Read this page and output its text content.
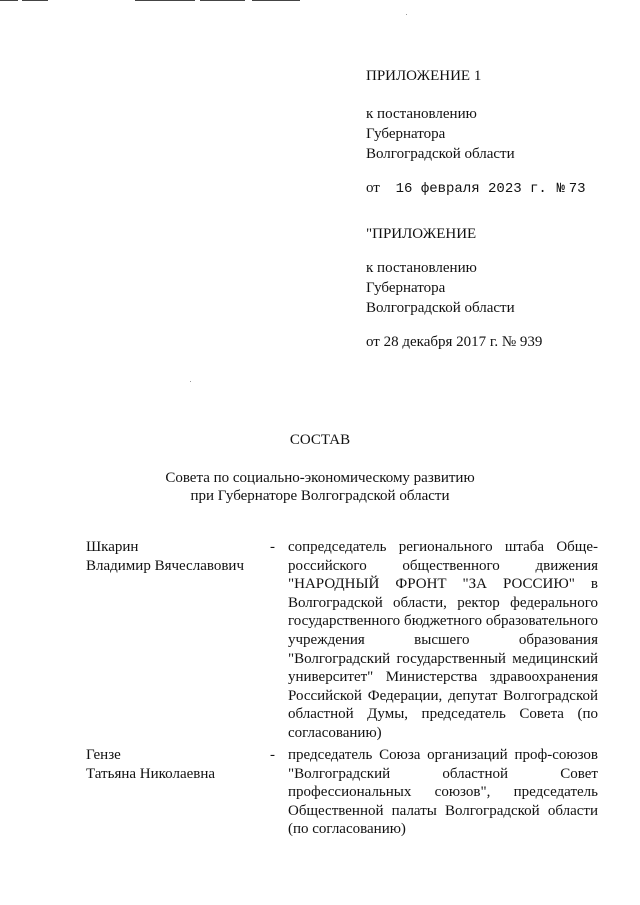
ПРИЛОЖЕНИЕ 1
к постановлению
Губернатора
Волгоградской области
от 16 февраля 2023 г. № 73
"ПРИЛОЖЕНИЕ
к постановлению
Губернатора
Волгоградской области
от 28 декабря 2017 г. № 939
СОСТАВ
Совета по социально-экономическому развитию
при Губернаторе Волгоградской области
Шкарин
Владимир Вячеславович
- сопредседатель регионального штаба Обще-российского общественного движения "НАРОДНЫЙ ФРОНТ "ЗА РОССИЮ" в Волгоградской области, ректор федерального государственного бюджетного образовательного учреждения высшего образования "Волгоградский государственный медицинский университет" Министерства здравоохранения Российской Федерации, депутат Волгоградской областной Думы, председатель Совета (по согласованию)
Гензе
Татьяна Николаевна
- председатель Союза организаций проф-союзов "Волгоградский областной Совет профессиональных союзов", председатель Общественной палаты Волгоградской области (по согласованию)
